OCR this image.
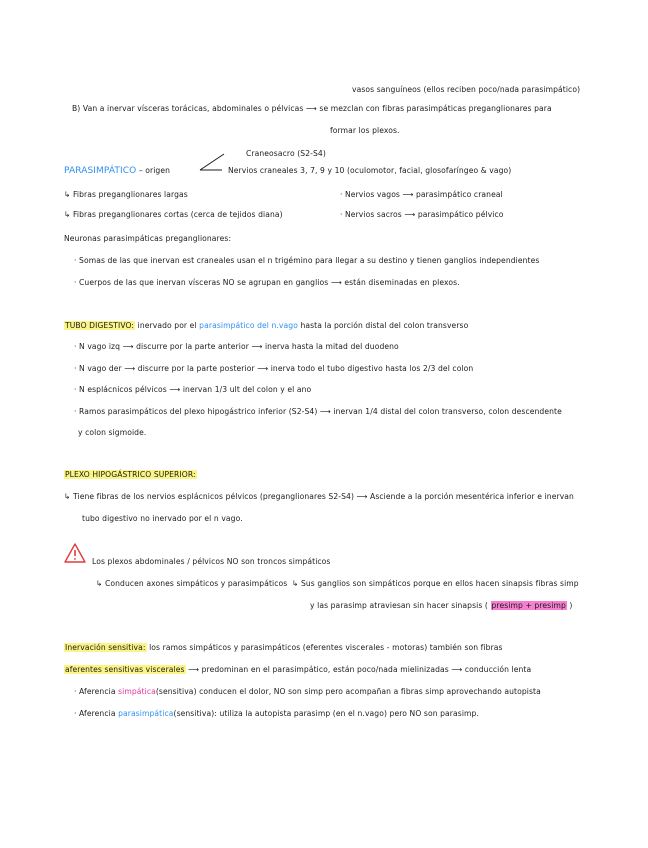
vasos sanguíneos (ellos reciben poco/nada parasimpático)
B) Van a inervar vísceras torácicas, abdominales o pélvicas ⟶ se mezclan con fibras parasimpáticas preganglionares para
formar los plexos.
Craneosacro (S2-S4)
PARASIMPÁTICO – origen	Nervios craneales 3, 7, 9 y 10 (oculomotor, facial, glosofaríngeo & vago)
↳ Fibras preganglionares largas	· Nervios vagos ⟶ parasimpático craneal
↳ Fibras preganglionares cortas (cerca de tejidos diana)	· Nervios sacros ⟶ parasimpático pélvico
Neuronas parasimpáticas preganglionares:
· Somas de las que inervan est craneales usan el n trigémino para llegar a su destino y tienen ganglios independientes
· Cuerpos de las que inervan vísceras NO se agrupan en ganglios ⟶ están diseminadas en plexos.
TUBO DIGESTIVO: inervado por el parasimpático del n.vago hasta la porción distal del colon transverso
· N vago izq ⟶ discurre por la parte anterior ⟶ inerva hasta la mitad del duodeno
· N vago der ⟶ discurre por la parte posterior ⟶ inerva todo el tubo digestivo hasta los 2/3 del colon
· N esplácnicos pélvicos ⟶ inervan 1/3 ult del colon y el ano
· Ramos parasimpáticos del plexo hipogástrico inferior (S2-S4) ⟶ inervan 1/4 distal del colon transverso, colon descendente
y colon sigmoide.
PLEXO HIPOGÁSTRICO SUPERIOR:
↳ Tiene fibras de los nervios esplácnicos pélvicos (preganglionares S2-S4) ⟶ Asciende a la porción mesentérica inferior e inervan
tubo digestivo no inervado por el n vago.
Los plexos abdominales / pélvicos NO son troncos simpáticos
↳ Conducen axones simpáticos y parasimpáticos ↳ Sus ganglios son simpáticos porque en ellos hacen sinapsis fibras simp
y las parasimp atraviesan sin hacer sinapsis ( presimp + presimp )
Inervación sensitiva: los ramos simpáticos y parasimpáticos (eferentes viscerales - motoras) también son fibras
aferentes sensitivas viscerales ⟶ predominan en el parasimpático, están poco/nada mielinizadas ⟶ conducción lenta
· Aferencia simpática(sensitiva) conducen el dolor, NO son simp pero acompañan a fibras simp aprovechando autopista
· Aferencia parasimpática(sensitiva): utiliza la autopista parasimp (en el n.vago) pero NO son parasimp.
